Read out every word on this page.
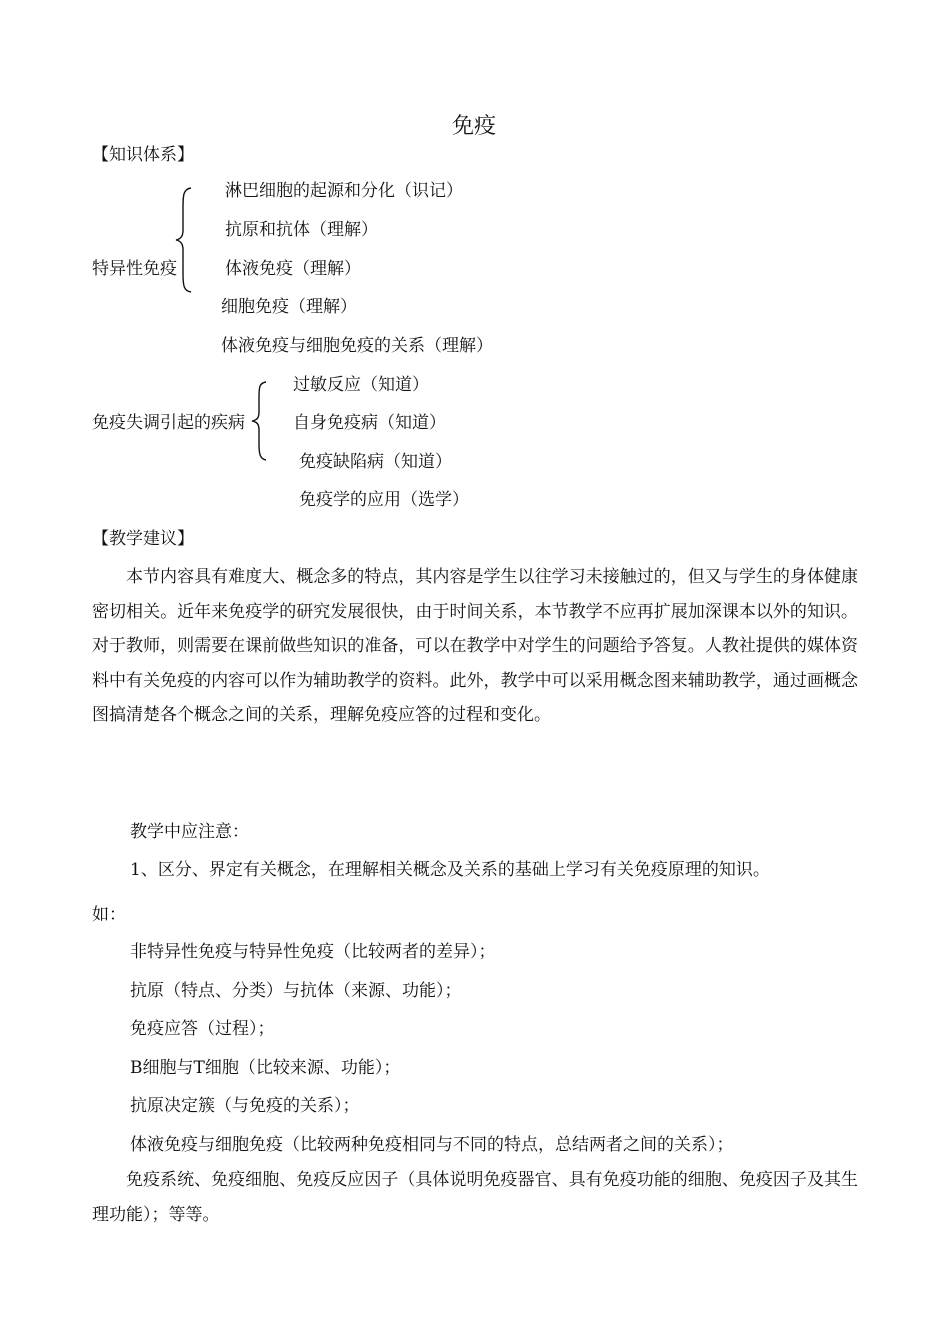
免疫
【知识体系】
特异性免疫
淋巴细胞的起源和分化（识记）
抗原和抗体（理解）
体液免疫（理解）
细胞免疫（理解）
体液免疫与细胞免疫的关系（理解）
免疫失调引起的疾病
过敏反应（知道）
自身免疫病（知道）
免疫缺陷病（知道）
免疫学的应用（选学）
【教学建议】

本节内容具有难度大、概念多的特点，其内容是学生以往学习未接触过的，但又与学生的身体健康密切相关。近年来免疫学的研究发展很快，由于时间关系，本节教学不应再扩展加深课本以外的知识。对于教师，则需要在课前做些知识的准备，可以在教学中对学生的问题给予答复。人教社提供的媒体资料中有关免疫的内容可以作为辅助教学的资料。此外，教学中可以采用概念图来辅助教学，通过画概念图搞清楚各个概念之间的关系，理解免疫应答的过程和变化。

教学中应注意：
1、区分、界定有关概念，在理解相关概念及关系的基础上学习有关免疫原理的知识。
如：
非特异性免疫与特异性免疫（比较两者的差异）；
抗原（特点、分类）与抗体（来源、功能）；
免疫应答（过程）；
B细胞与T细胞（比较来源、功能）；
抗原决定簇（与免疫的关系）；
体液免疫与细胞免疫（比较两种免疫相同与不同的特点，总结两者之间的关系）；

免疫系统、免疫细胞、免疫反应因子（具体说明免疫器官、具有免疫功能的细胞、免疫因子及其生理功能）；等等。
